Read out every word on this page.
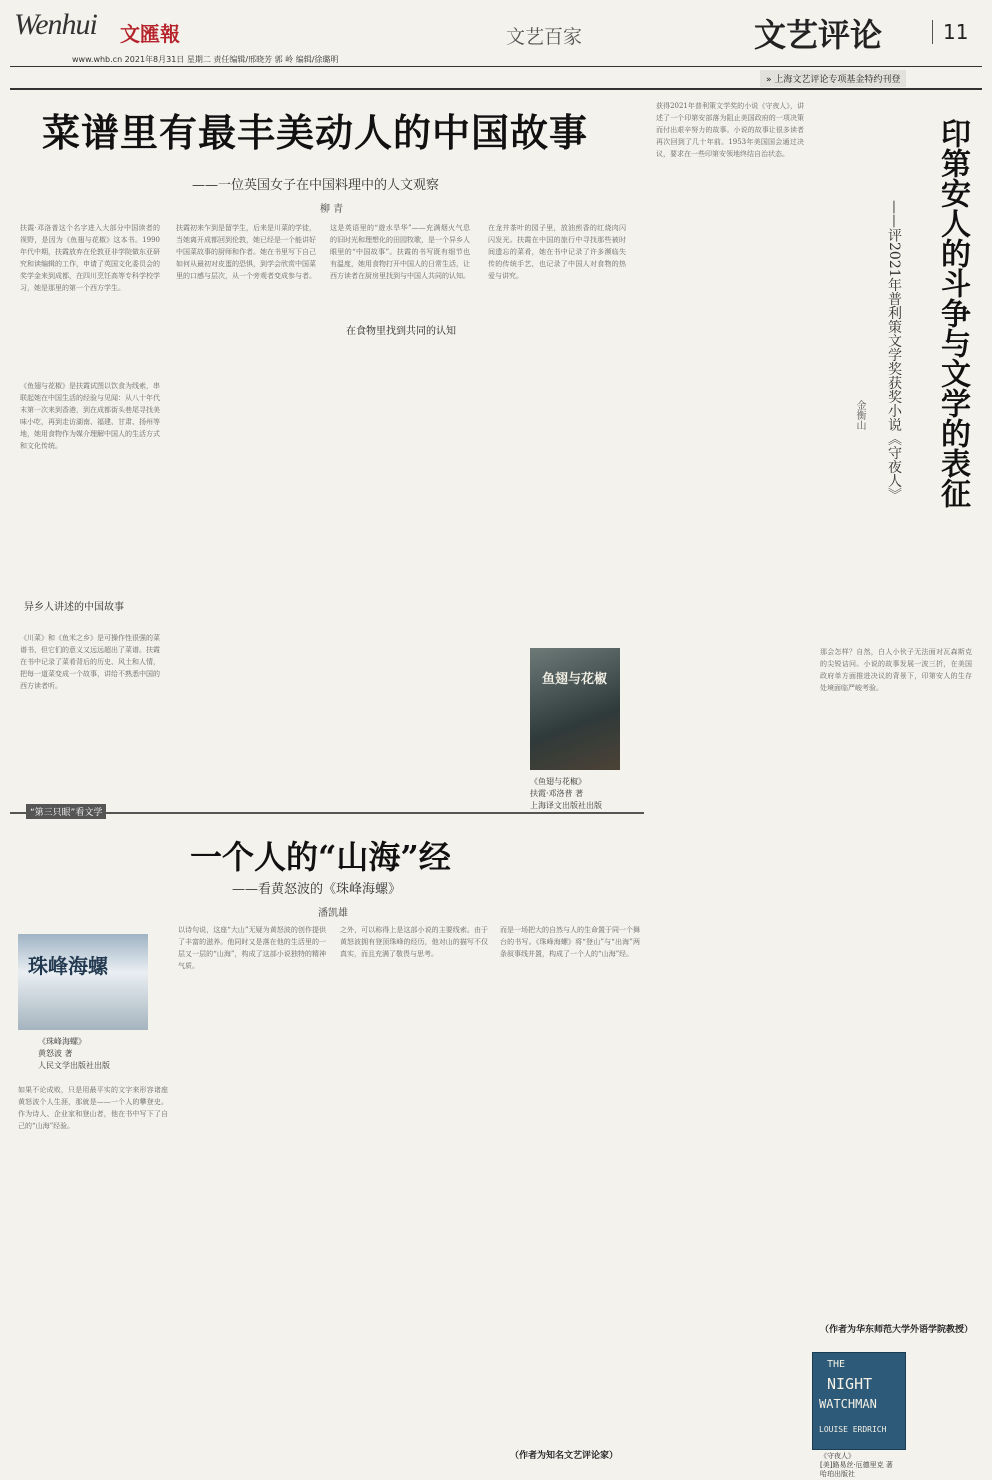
Wenhui 文匯報
www.whb.cn 2021年8月31日 星期二 责任编辑/邢晓芳 郭 岭 编辑/徐璐明
文艺百家	文艺评论	11
» 上海文艺评论专项基金特约刊登
菜谱里有最丰美动人的中国故事
——一位英国女子在中国料理中的人文观察
柳 青
扶霞·邓洛普这个名字进入大部分中国读者的视野，是因为《鱼翅与花椒》这本书。1990年代中期，扶霞放弃在伦敦亚非学院做东亚研究和读编辑的工作，申请了英国文化委员会的奖学金来到成都，在四川烹饪高等专科学校学习，她是那里的第一个西方学生。
异乡人讲述的中国故事
《鱼翅与花椒》是扶霞试图以饮食为线索，串联起她在中国生活的经验与见闻：从八十年代末第一次来到香港，到在成都街头巷尾寻找美味小吃，再到走访湖南、福建、甘肃、扬州等地，她用食物作为媒介理解中国人的生活方式和文化传统。
《川菜》和《鱼米之乡》是可操作性很强的菜谱书，但它们的意义又远远超出了菜谱。扶霞在书中记录了菜肴背后的历史、风土和人情，把每一道菜变成一个故事，讲给不熟悉中国的西方读者听。
扶霞初来乍到是留学生，后来是川菜的学徒，当她离开成都回到伦敦，她已经是一个能讲好中国菜故事的厨师和作者。她在书里写下自己如何从最初对皮蛋的恐惧，到学会欣赏中国菜里的口感与层次，从一个旁观者变成参与者。
这是英语里的“遊水旱华”——充满烟火气息的旧时光和理想化的田园牧歌，是一个异乡人眼里的“中国故事”。扶霞的书写既有细节也有温度，她用食物打开中国人的日常生活，让西方读者在厨房里找到与中国人共同的认知。
在食物里找到共同的认知
在龙井茶叶的园子里，放油煎香的红烧肉闪闪发光。扶霞在中国的旅行中寻找那些被时间遗忘的菜肴，她在书中记录了许多濒临失传的传统手艺，也记录了中国人对食物的热爱与讲究。
鱼翅与花椒
《鱼翅与花椒》
扶霞·邓洛普 著
上海译文出版社出版
（作者为知名文艺评论家）
“第三只眼”看文学
一个人的“山海”经
——看黄怒波的《珠峰海螺》
潘凯雄
珠峰海螺
《珠峰海螺》
黄怒波 著
人民文学出版社出版
如果不论成败，只是用最平实的文字来形容诸座黄怒波个人生涯，那就是——一个人的攀登史。作为诗人、企业家和登山者，他在书中写下了自己的“山海”经验。
以诗句说，这座“大山”无疑为黄怒波的创作提供了丰富的滋养。他同时又是落在他的生活里的一层又一层的“山海”，构成了这部小说独特的精神气质。
之外，可以称得上是这部小说的主要线索。由于黄怒波拥有登顶珠峰的经历，他对山的描写不仅真实，而且充满了敬畏与思考。
而是一场把大的自然与人的生命置于同一个舞台的书写。《珠峰海螺》将“登山”与“出海”两条叙事线并置，构成了一个人的“山海”经。
印第安人的斗争与文学的表征
——评2021年普利策文学奖获奖小说《守夜人》
金衡山
获得2021年普利策文学奖的小说《守夜人》，讲述了一个印第安部落为阻止美国政府的一项决策而付出艰辛努力的故事。小说的故事让很多读者再次回到了几十年前。1953年美国国会通过决议，要求在一些印第安领地终结自治状态。
那会怎样？自然，白人小伙子无法面对瓦森斯克的尖锐诘问。小说的故事发展一波三折，在美国政府单方面推进决议的背景下，印第安人的生存处境面临严峻考验。
（作者为华东师范大学外语学院教授）
THE
NIGHT
WATCHMAN
LOUISE ERDRICH
《守夜人》
[美]路易丝·厄德里克 著
哈珀出版社
